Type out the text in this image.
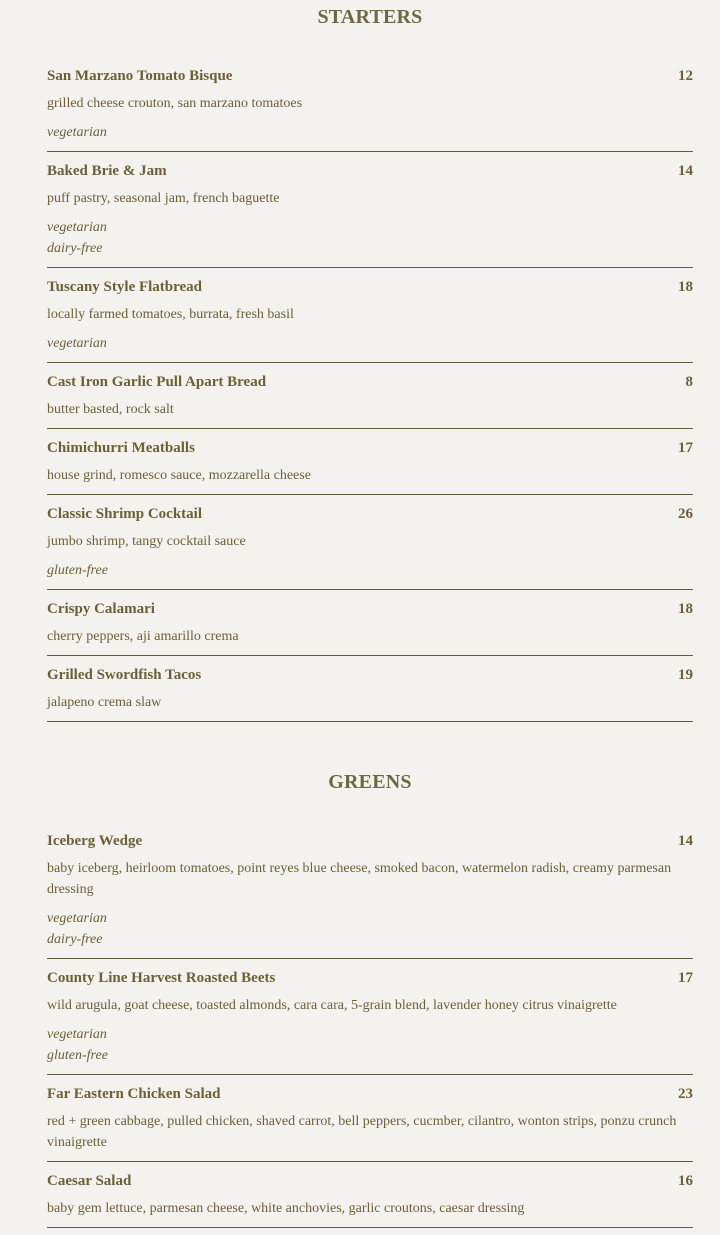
STARTERS
San Marzano Tomato Bisque	12
grilled cheese crouton, san marzano tomatoes
vegetarian
Baked Brie & Jam	14
puff pastry, seasonal jam, french baguette
vegetarian
dairy-free
Tuscany Style Flatbread	18
locally farmed tomatoes, burrata, fresh basil
vegetarian
Cast Iron Garlic Pull Apart Bread	8
butter basted, rock salt
Chimichurri Meatballs	17
house grind, romesco sauce, mozzarella cheese
Classic Shrimp Cocktail	26
jumbo shrimp, tangy cocktail sauce
gluten-free
Crispy Calamari	18
cherry peppers, aji amarillo crema
Grilled Swordfish Tacos	19
jalapeno crema slaw
GREENS
Iceberg Wedge	14
baby iceberg, heirloom tomatoes, point reyes blue cheese, smoked bacon, watermelon radish, creamy parmesan dressing
vegetarian
dairy-free
County Line Harvest Roasted Beets	17
wild arugula, goat cheese, toasted almonds, cara cara, 5-grain blend, lavender honey citrus vinaigrette
vegetarian
gluten-free
Far Eastern Chicken Salad	23
red + green cabbage, pulled chicken, shaved carrot, bell peppers, cucmber, cilantro, wonton strips, ponzu crunch vinaigrette
Caesar Salad	16
baby gem lettuce, parmesan cheese, white anchovies, garlic croutons, caesar dressing
